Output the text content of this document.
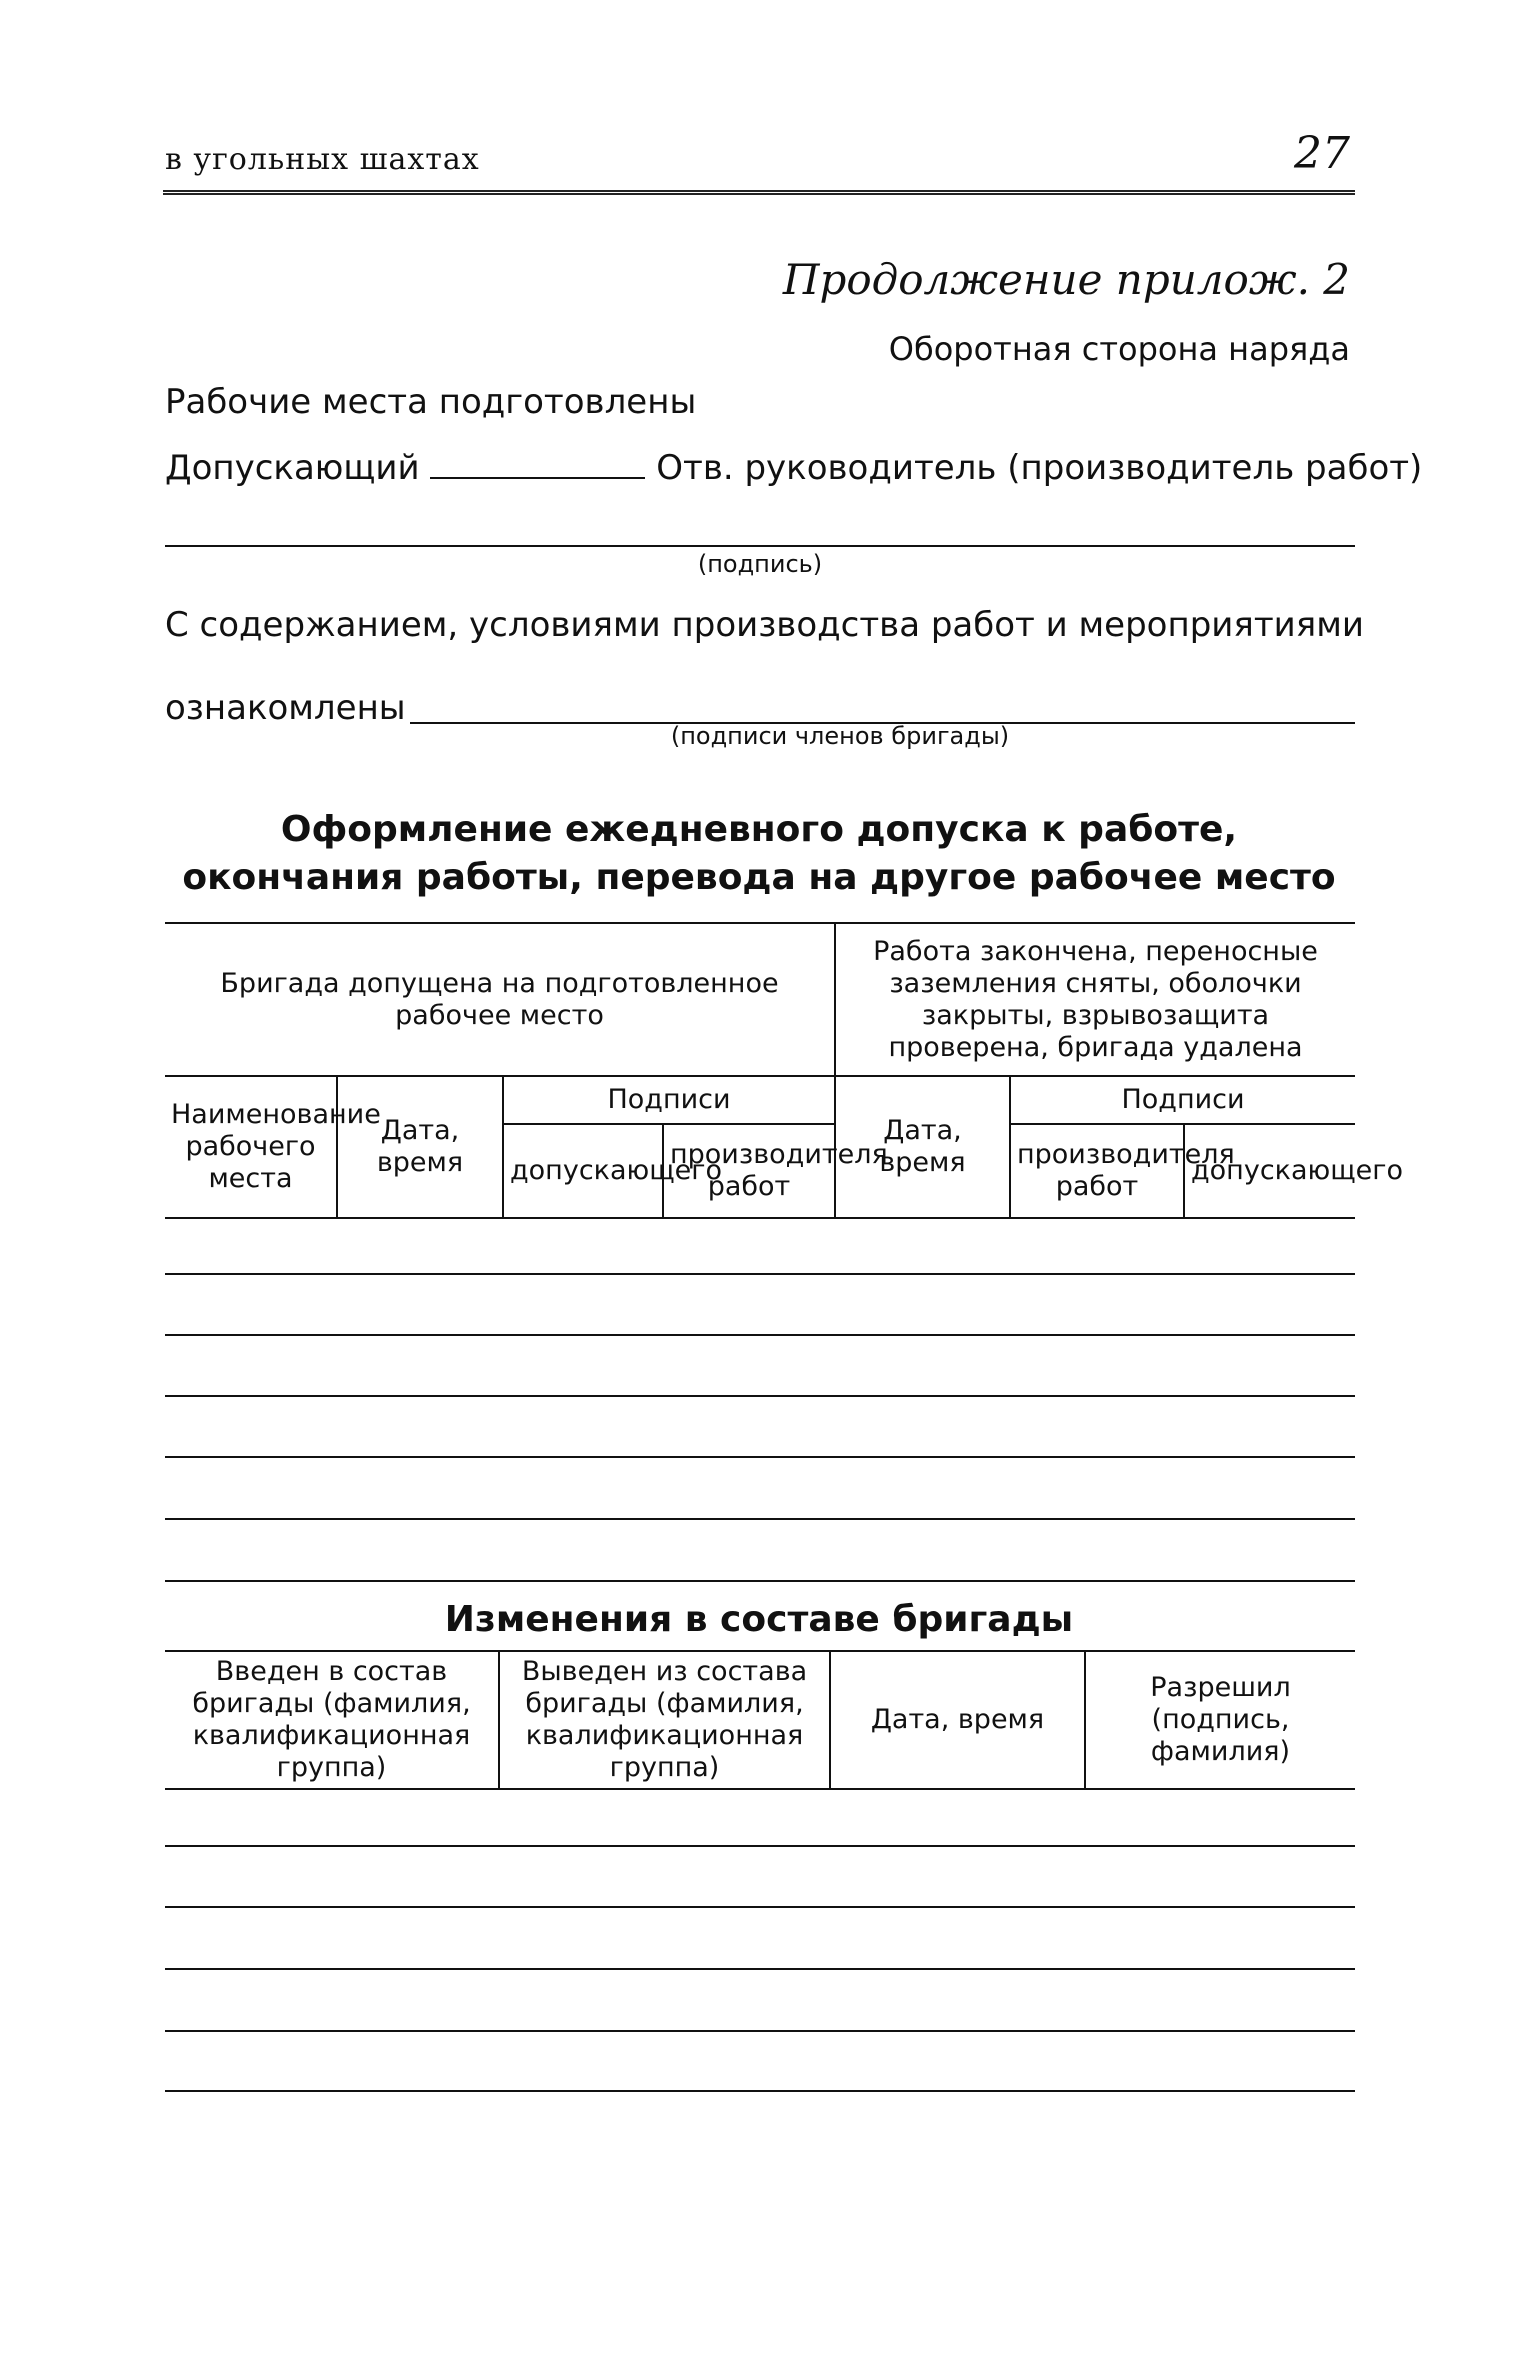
в угольных шахтах	27
Продолжение прилож. 2
Оборотная сторона наряда
Рабочие места подготовлены
Допускающий	Отв. руководитель (производитель работ)
(подпись)
С содержанием, условиями производства работ и мероприятиями
ознакомлены
(подписи членов бригады)
Оформление ежедневного допуска к работе,
окончания работы, перевода на другое рабочее место
Бригада допущена на подготовленное рабочее место				Работа закончена, переносные заземления сняты, оболочки закрыты, взрывозащита проверена, бригада удалена		
Наименование рабочего места	Дата, время	Подписи		Дата, время	Подписи	
		допускающего	производителя работ		производителя работ	допускающего
Изменения в составе бригады
Введен в состав бригады (фамилия, квалификационная группа)	Выведен из состава бригады (фамилия, квалификационная группа)	Дата, время	Разрешил (подпись, фамилия)
